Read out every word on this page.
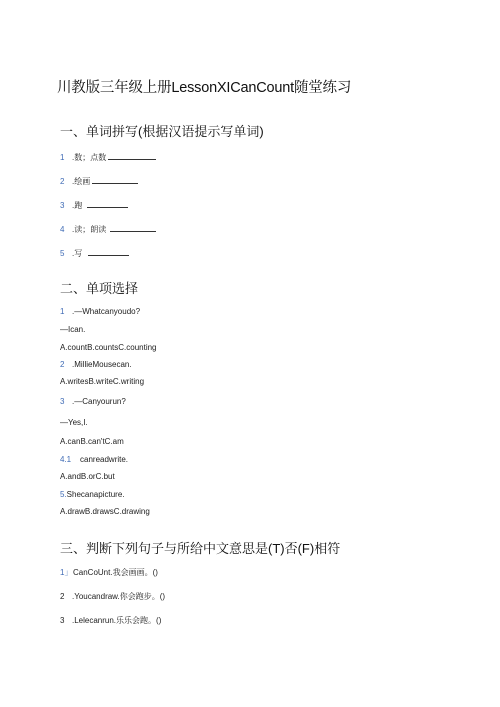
川教版三年级上册LessonXICanCount随堂练习
一、单词拼写(根据汉语提示写单词)
1 .数；点数
2 .绘画
3 .跑
4 .读；朗读
5 .写
二、单项选择
1 .—Whatcanyoudo?
—Ican.
A.countB.countsC.counting
2 .MillieMousecan.
A.writesB.writeC.writing
3 .—Canyourun?
—Yes,I.
A.canB.can'tC.am
4.1 canreadwrite.
A.andB.orC.but
5.Shecanapicture.
A.drawB.drawsC.drawing
三、判断下列句子与所给中文意思是(T)否(F)相符
1」CanCoUnt.我会画画。()
2 .Youcandraw.你会跑步。()
3 .Lelecanrun.乐乐会跑。()
